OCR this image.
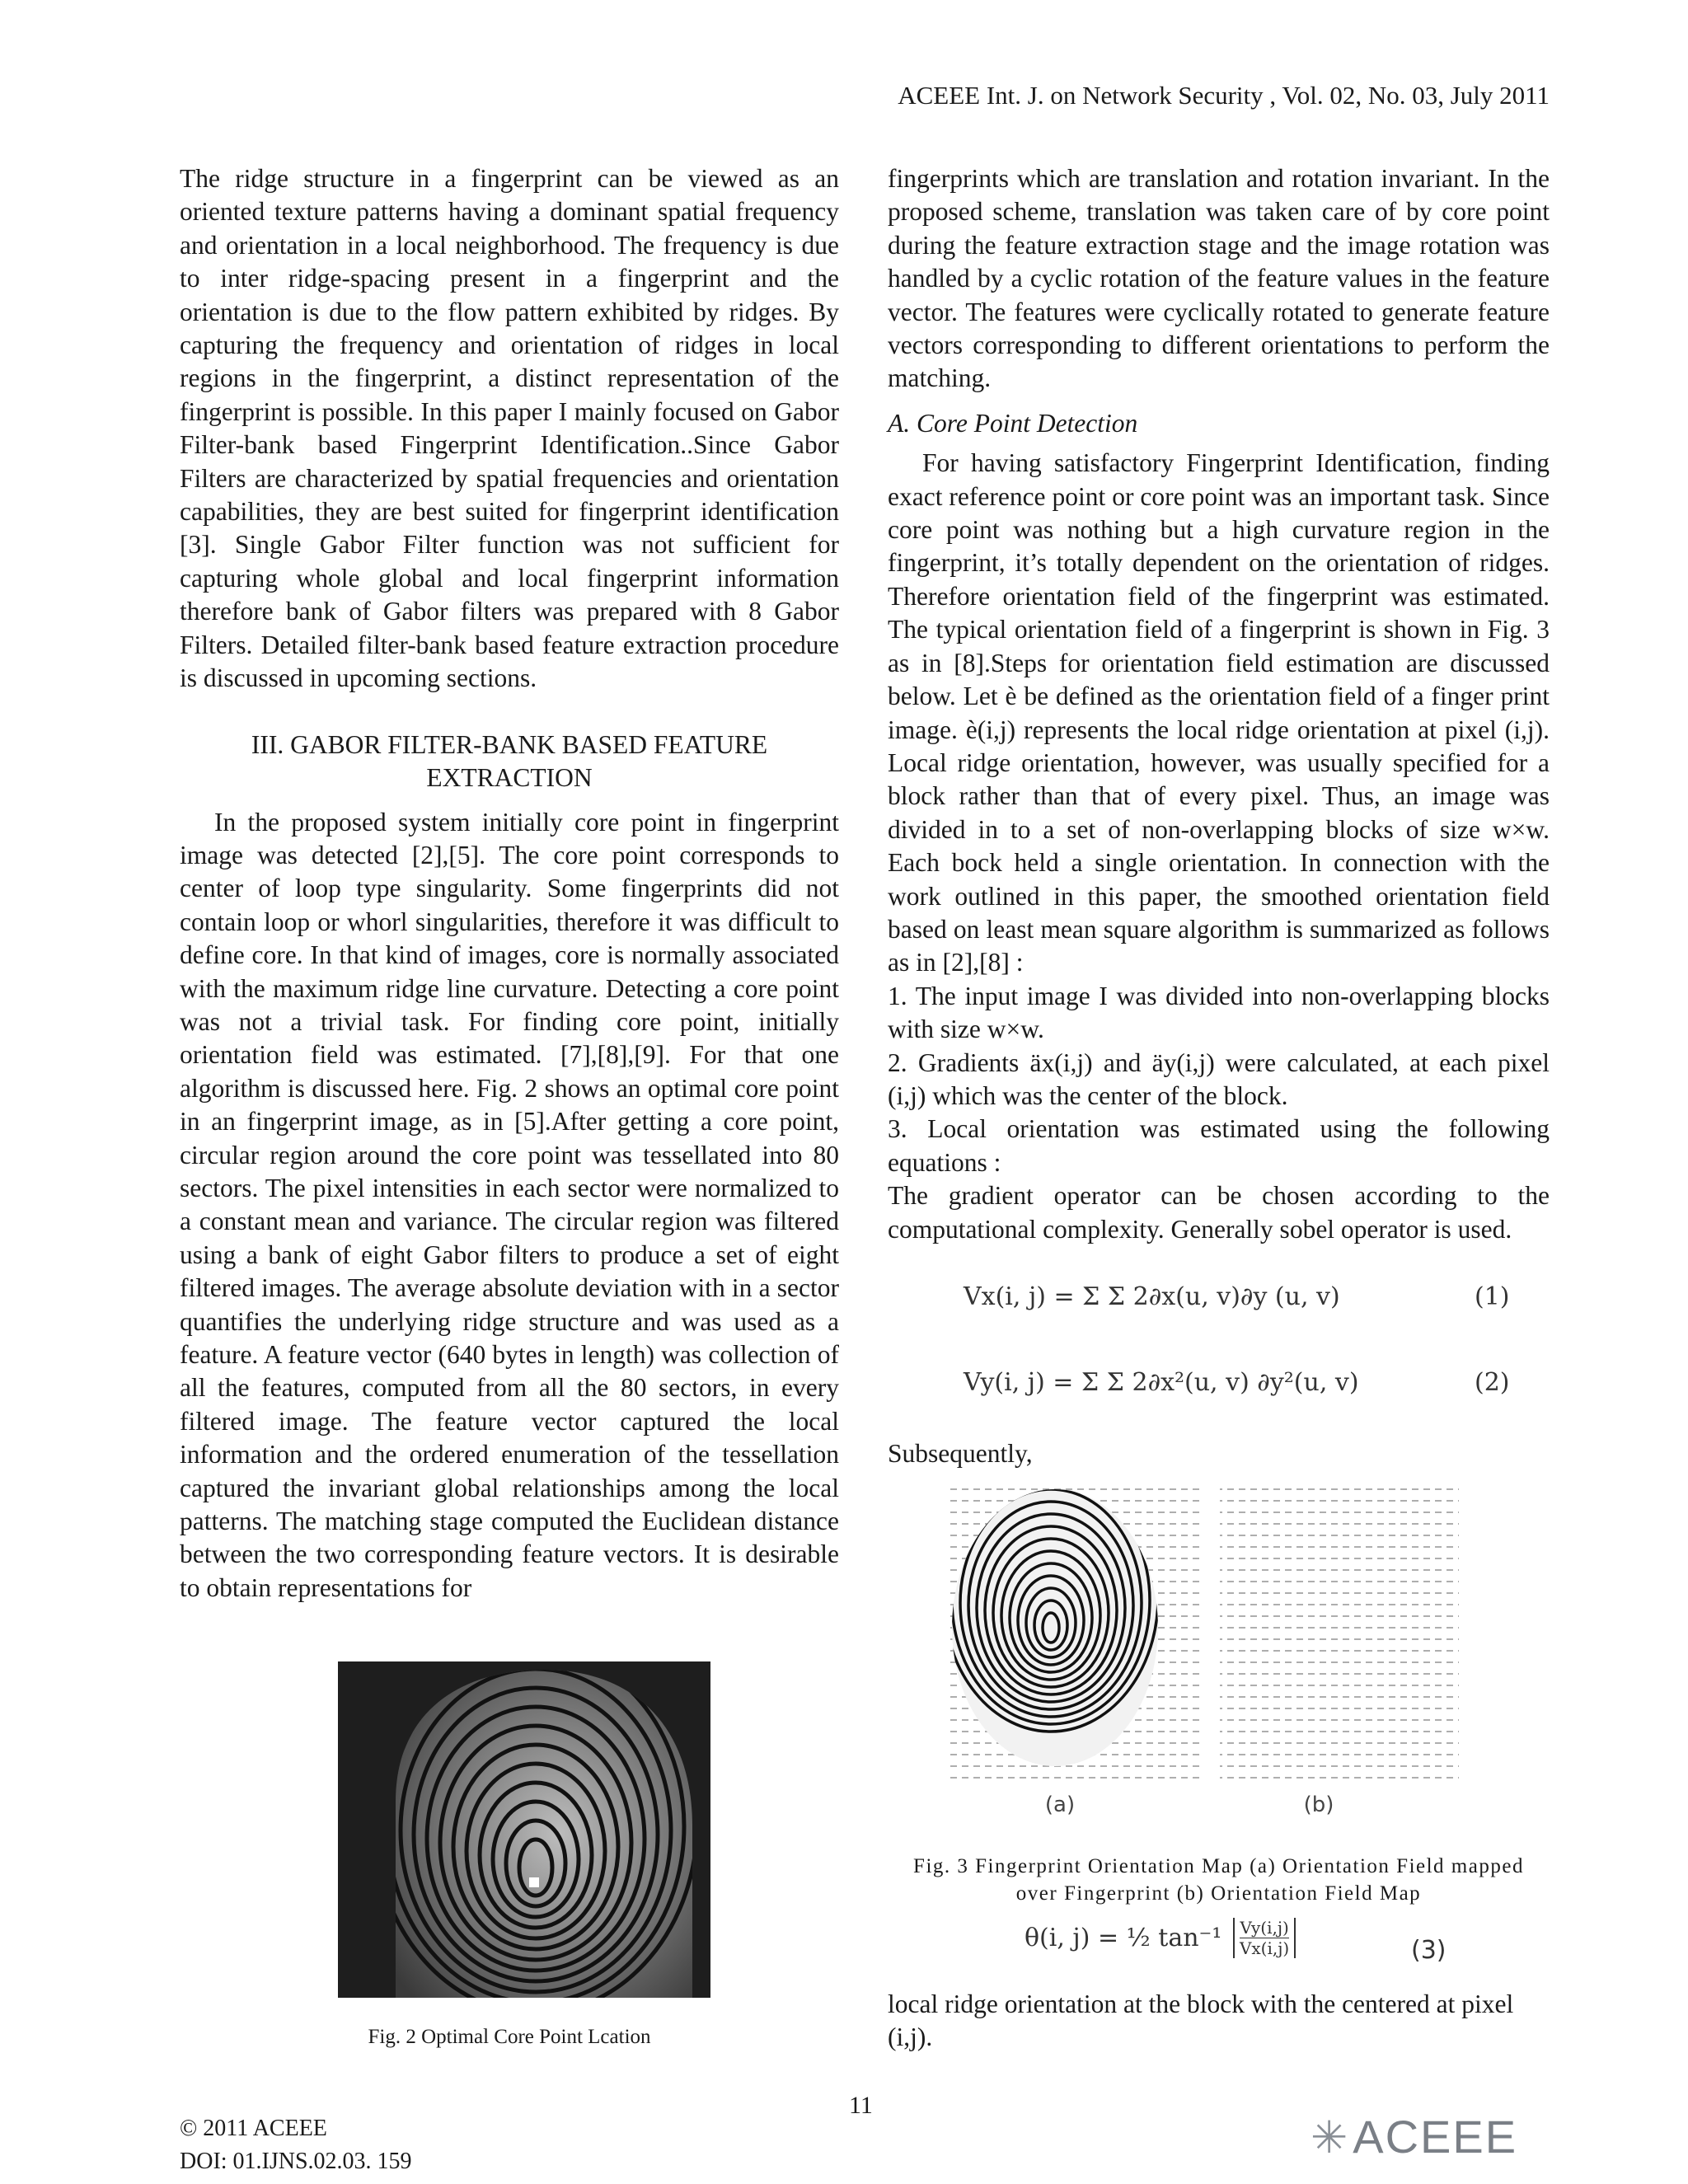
ACEEE Int. J. on Network Security , Vol. 02, No. 03, July 2011

The ridge structure in a fingerprint can be viewed as an oriented texture patterns having a dominant spatial frequency and orientation in a local neighborhood. The frequency is due to inter ridge-spacing present in a fingerprint and the orientation is due to the flow pattern exhibited by ridges. By capturing the frequency and orientation of ridges in local regions in the fingerprint, a distinct representation of the fingerprint is possible. In this paper I mainly focused on Gabor Filter-bank based Fingerprint Identification..Since Gabor Filters are characterized by spatial frequencies and orientation capabilities, they are best suited for fingerprint identification [3]. Single Gabor Filter function was not sufficient for capturing whole global and local fingerprint information therefore bank of Gabor filters was prepared with 8 Gabor Filters. Detailed filter-bank based feature extraction procedure is discussed in upcoming sections.

III. GABOR FILTER-BANK BASED FEATURE
EXTRACTION

In the proposed system initially core point in fingerprint image was detected [2],[5]. The core point corresponds to center of loop type singularity. Some fingerprints did not contain loop or whorl singularities, therefore it was difficult to define core. In that kind of images, core is normally associated with the maximum ridge line curvature. Detecting a core point was not a trivial task. For finding core point, initially orientation field was estimated. [7],[8],[9]. For that one algorithm is discussed here. Fig. 2 shows an optimal core point in an fingerprint image, as in [5].After getting a core point, circular region around the core point was tessellated into 80 sectors. The pixel intensities in each sector were normalized to a constant mean and variance. The circular region was filtered using a bank of eight Gabor filters to produce a set of eight filtered images. The average absolute deviation with in a sector quantifies the underlying ridge structure and was used as a feature. A feature vector (640 bytes in length) was collection of all the features, computed from all the 80 sectors, in every filtered image. The feature vector captured the local information and the ordered enumeration of the tessellation captured the invariant global relationships among the local patterns. The matching stage computed the Euclidean distance between the two corresponding feature vectors. It is desirable to obtain representations for

Fig. 2 Optimal Core Point Lcation

fingerprints which are translation and rotation invariant. In the proposed scheme, translation was taken care of by core point during the feature extraction stage and the image rotation was handled by a cyclic rotation of the feature values in the feature vector. The features were cyclically rotated to generate feature vectors corresponding to different orientations to perform the matching.

A. Core Point Detection

For having satisfactory Fingerprint Identification, finding exact reference point or core point was an important task. Since core point was nothing but a high curvature region in the fingerprint, it’s totally dependent on the orientation of ridges. Therefore orientation field of the fingerprint was estimated. The typical orientation field of a fingerprint is shown in Fig. 3 as in [8].Steps for orientation field estimation are discussed below. Let è be defined as the orientation field of a finger print image. è(i,j) represents the local ridge orientation at pixel (i,j). Local ridge orientation, however, was usually specified for a block rather than that of every pixel. Thus, an image was divided in to a set of non-overlapping blocks of size w×w. Each bock held a single orientation. In connection with the work outlined in this paper, the smoothed orientation field based on least mean square algorithm is summarized as follows as in [2],[8] :

1. The input image I was divided into non-overlapping blocks with size w×w.

2. Gradients äx(i,j) and äy(i,j) were calculated, at each pixel (i,j) which was the center of the block.

3. Local orientation was estimated using the following equations :

The gradient operator can be chosen according to the computational complexity. Generally sobel operator is used.

Vx(i, j) = Σ Σ 2∂x(u, v)∂y (u, v)	(1)
Vy(i, j) = Σ Σ 2∂x²(u, v) ∂y²(u, v)	(2)

Subsequently,

(a)	(b)
Fig. 3 Fingerprint Orientation Map (a) Orientation Field mapped
over Fingerprint (b) Orientation Field Map
θ(i, j) = ½ $\tan^{-1} \frac{Vy(i,j)}{Vx(i,j)}$	(3)
local ridge orientation at the block with the centered at pixel (i,j).
11
© 2011 ACEEE
DOI: 01.IJNS.02.03. 159	✳ACEEE
